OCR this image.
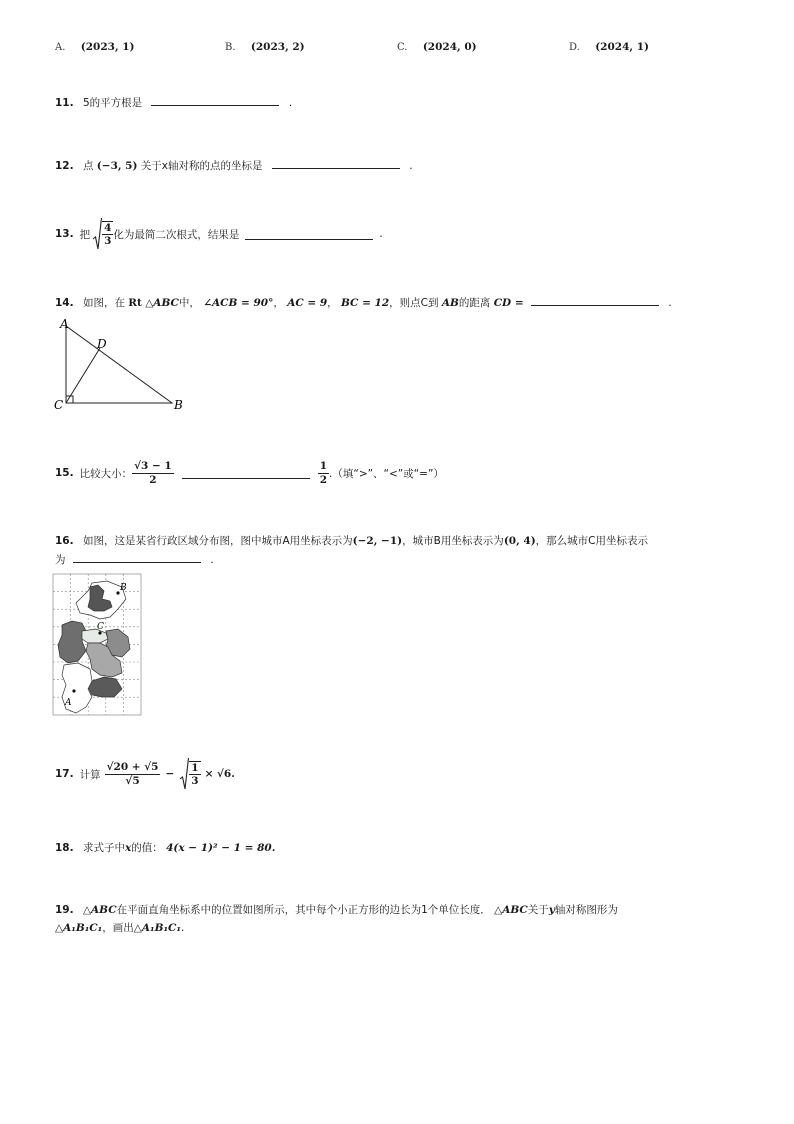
A. (2023, 1)	B. (2023, 2)	C. (2024, 0)	D. (2024, 1)
11. 5的平方根是	.
12. 点 (−3, 5) 关于x轴对称的点的坐标是	.
13. 把 $\frac{4}{3}$ 化为最简二次根式，结果是	.
14. 如图，在 Rt △ABC中， ∠ACB = 90°， AC = 9， BC = 12，则点C到 AB的距离 CD =	.
A
D
C	B
15. 比较大小： $\frac{√3 - 1}{2}$	$\frac{1}{2}$ .（填“>”、“<”或“=”）
16. 如图，这是某省行政区域分布图，图中城市A用坐标表示为(−2, −1)，城市B用坐标表示为(0, 4)，那么城市C用坐标表示
为	.
B
C
A
17. 计算 $\frac{√20 + √5}{√5} - \frac{1}{3} \times √6$.
18. 求式子中x的值： 4(x − 1)² − 1 = 80.
19. △ABC在平面直角坐标系中的位置如图所示，其中每个小正方形的边长为1个单位长度． △ABC关于y轴对称图形为
△A₁B₁C₁，画出△A₁B₁C₁.
